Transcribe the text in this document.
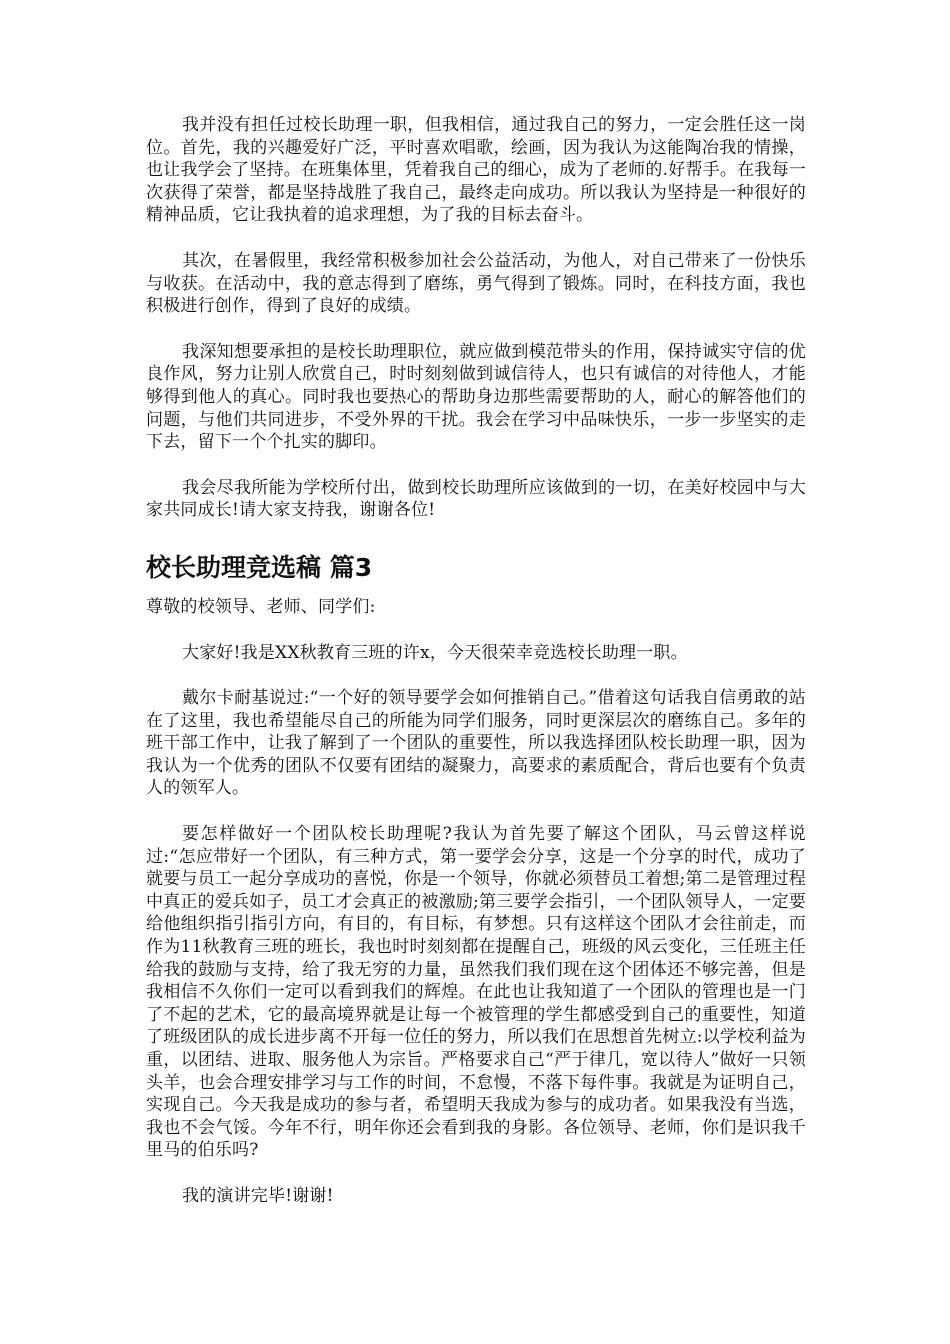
我并没有担任过校长助理一职，但我相信，通过我自己的努力，一定会胜任这一岗位。首先，我的兴趣爱好广泛，平时喜欢唱歌，绘画，因为我认为这能陶冶我的情操，也让我学会了坚持。在班集体里，凭着我自己的细心，成为了老师的.好帮手。在我每一次获得了荣誉，都是坚持战胜了我自己，最终走向成功。所以我认为坚持是一种很好的精神品质，它让我执着的追求理想，为了我的目标去奋斗。

其次，在暑假里，我经常积极参加社会公益活动，为他人，对自己带来了一份快乐与收获。在活动中，我的意志得到了磨练，勇气得到了锻炼。同时，在科技方面，我也积极进行创作，得到了良好的成绩。

我深知想要承担的是校长助理职位，就应做到模范带头的作用，保持诚实守信的优良作风，努力让别人欣赏自己，时时刻刻做到诚信待人，也只有诚信的对待他人，才能够得到他人的真心。同时我也要热心的帮助身边那些需要帮助的人，耐心的解答他们的问题，与他们共同进步，不受外界的干扰。我会在学习中品味快乐，一步一步坚实的走下去，留下一个个扎实的脚印。

我会尽我所能为学校所付出，做到校长助理所应该做到的一切，在美好校园中与大家共同成长!请大家支持我，谢谢各位!

校长助理竞选稿 篇3

尊敬的校领导、老师、同学们:

大家好!我是XX秋教育三班的许x，今天很荣幸竞选校长助理一职。

戴尔卡耐基说过:“一个好的领导要学会如何推销自己。”借着这句话我自信勇敢的站在了这里，我也希望能尽自己的所能为同学们服务，同时更深层次的磨练自己。多年的班干部工作中，让我了解到了一个团队的重要性，所以我选择团队校长助理一职，因为我认为一个优秀的团队不仅要有团结的凝聚力，高要求的素质配合，背后也要有个负责人的领军人。

要怎样做好一个团队校长助理呢?我认为首先要了解这个团队，马云曾这样说过:“怎应带好一个团队，有三种方式，第一要学会分享，这是一个分享的时代，成功了就要与员工一起分享成功的喜悦，你是一个领导，你就必须替员工着想;第二是管理过程中真正的爱兵如子，员工才会真正的被激励;第三要学会指引，一个团队领导人，一定要给他组织指引指引方向，有目的，有目标，有梦想。只有这样这个团队才会往前走，而作为11秋教育三班的班长，我也时时刻刻都在提醒自己，班级的风云变化，三任班主任给我的鼓励与支持，给了我无穷的力量，虽然我们我们现在这个团体还不够完善，但是我相信不久你们一定可以看到我们的辉煌。在此也让我知道了一个团队的管理也是一门了不起的艺术，它的最高境界就是让每一个被管理的学生都感受到自己的重要性，知道了班级团队的成长进步离不开每一位任的努力，所以我们在思想首先树立:以学校利益为重，以团结、进取、服务他人为宗旨。严格要求自己“严于律几，宽以待人”做好一只领头羊，也会合理安排学习与工作的时间，不怠慢，不落下每件事。我就是为证明自己，实现自己。今天我是成功的参与者，希望明天我成为参与的成功者。如果我没有当选，我也不会气馁。今年不行，明年你还会看到我的身影。各位领导、老师，你们是识我千里马的伯乐吗?

我的演讲完毕!谢谢!
